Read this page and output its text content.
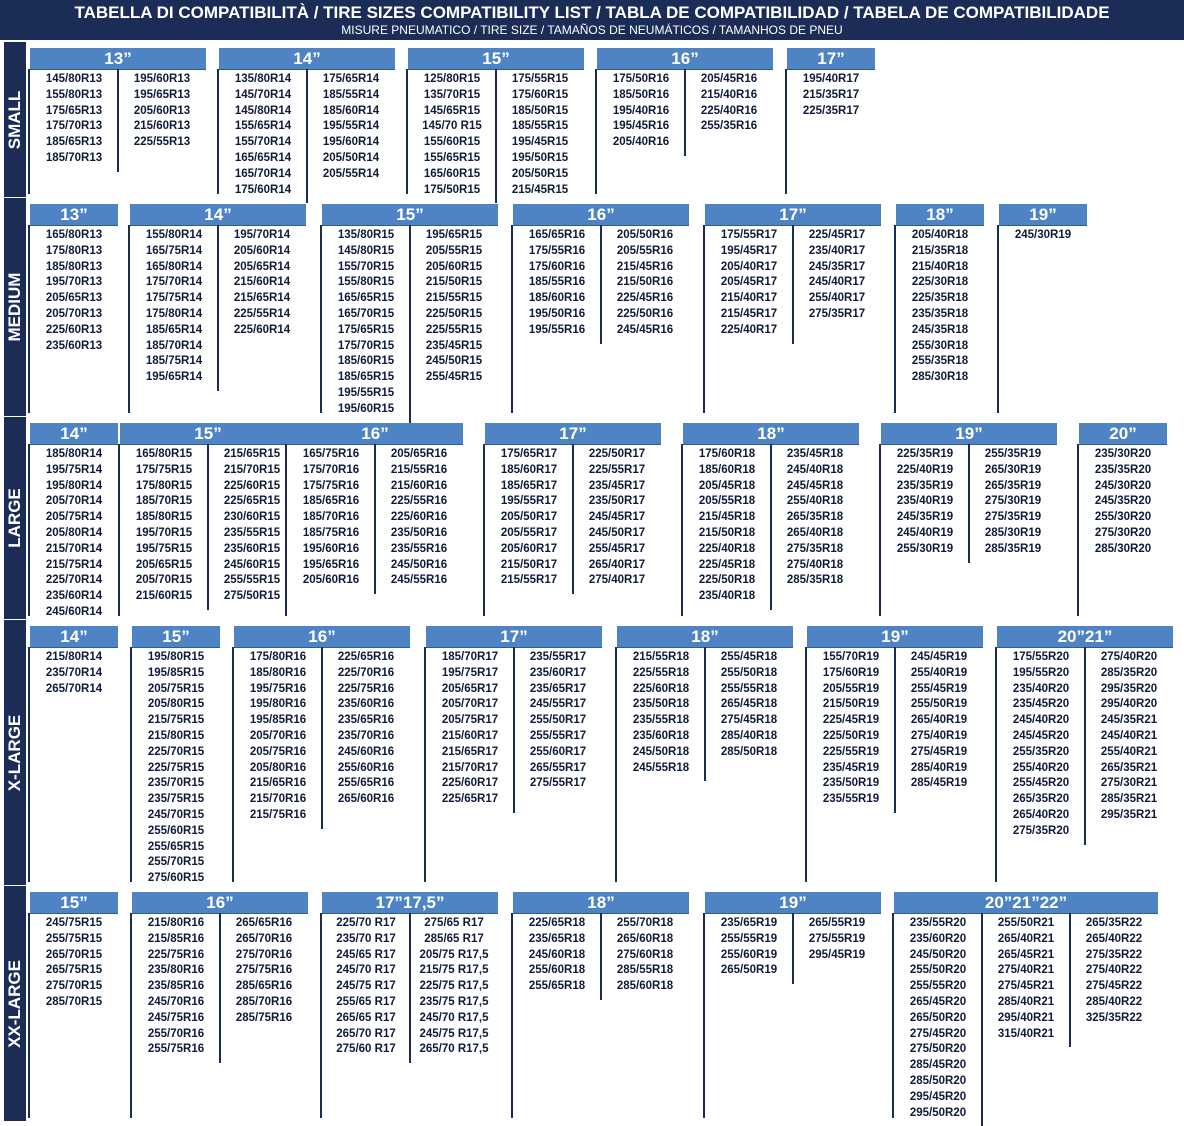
TABELLA DI COMPATIBILITÀ / TIRE SIZES COMPATIBILITY LIST / TABLA DE COMPATIBILIDAD / TABELA DE COMPATIBILIDADE
MISURE PNEUMATICO / TIRE SIZE / TAMAÑOS DE NEUMÁTICOS / TAMANHOS DE PNEU
SMALL
13”
145/80R13
155/80R13
175/65R13
175/70R13
185/65R13
185/70R13
195/60R13
195/65R13
205/60R13
215/60R13
225/55R13
14”
135/80R14
145/70R14
145/80R14
155/65R14
155/70R14
165/65R14
165/70R14
175/60R14
175/65R14
185/55R14
185/60R14
195/55R14
195/60R14
205/50R14
205/55R14
15”
125/80R15
135/70R15
145/65R15
145/70 R15
155/60R15
155/65R15
165/60R15
175/50R15
175/55R15
175/60R15
185/50R15
185/55R15
195/45R15
195/50R15
205/50R15
215/45R15
16”
175/50R16
185/50R16
195/40R16
195/45R16
205/40R16
205/45R16
215/40R16
225/40R16
255/35R16
17”
195/40R17
215/35R17
225/35R17
MEDIUM
13”
165/80R13
175/80R13
185/80R13
195/70R13
205/65R13
205/70R13
225/60R13
235/60R13
14”
155/80R14
165/75R14
165/80R14
175/70R14
175/75R14
175/80R14
185/65R14
185/70R14
185/75R14
195/65R14
195/70R14
205/60R14
205/65R14
215/60R14
215/65R14
225/55R14
225/60R14
15”
135/80R15
145/80R15
155/70R15
155/80R15
165/65R15
165/70R15
175/65R15
175/70R15
185/60R15
185/65R15
195/55R15
195/60R15
195/65R15
205/55R15
205/60R15
215/50R15
215/55R15
225/50R15
225/55R15
235/45R15
245/50R15
255/45R15
16”
165/65R16
175/55R16
175/60R16
185/55R16
185/60R16
195/50R16
195/55R16
205/50R16
205/55R16
215/45R16
215/50R16
225/45R16
225/50R16
245/45R16
17”
175/55R17
195/45R17
205/40R17
205/45R17
215/40R17
215/45R17
225/40R17
225/45R17
235/40R17
245/35R17
245/40R17
255/40R17
275/35R17
18”
205/40R18
215/35R18
215/40R18
225/30R18
225/35R18
235/35R18
245/35R18
255/30R18
255/35R18
285/30R18
19”
245/30R19
LARGE
14”
185/80R14
195/75R14
195/80R14
205/70R14
205/75R14
205/80R14
215/70R14
215/75R14
225/70R14
235/60R14
245/60R14
15”
165/80R15
175/75R15
175/80R15
185/70R15
185/80R15
195/70R15
195/75R15
205/65R15
205/70R15
215/60R15
215/65R15
215/70R15
225/60R15
225/65R15
230/60R15
235/55R15
235/60R15
245/60R15
255/55R15
275/50R15
16”
165/75R16
175/70R16
175/75R16
185/65R16
185/70R16
185/75R16
195/60R16
195/65R16
205/60R16
205/65R16
215/55R16
215/60R16
225/55R16
225/60R16
235/50R16
235/55R16
245/50R16
245/55R16
17”
175/65R17
185/60R17
185/65R17
195/55R17
205/50R17
205/55R17
205/60R17
215/50R17
215/55R17
225/50R17
225/55R17
235/45R17
235/50R17
245/45R17
245/50R17
255/45R17
265/40R17
275/40R17
18”
175/60R18
185/60R18
205/45R18
205/55R18
215/45R18
215/50R18
225/40R18
225/45R18
225/50R18
235/40R18
235/45R18
245/40R18
245/45R18
255/40R18
265/35R18
265/40R18
275/35R18
275/40R18
285/35R18
19”
225/35R19
225/40R19
235/35R19
235/40R19
245/35R19
245/40R19
255/30R19
255/35R19
265/30R19
265/35R19
275/30R19
275/35R19
285/30R19
285/35R19
20”
235/30R20
235/35R20
245/30R20
245/35R20
255/30R20
275/30R20
285/30R20
X-LARGE
14”
215/80R14
235/70R14
265/70R14
15”
195/80R15
195/85R15
205/75R15
205/80R15
215/75R15
215/80R15
225/70R15
225/75R15
235/70R15
235/75R15
245/70R15
255/60R15
255/65R15
255/70R15
275/60R15
16”
175/80R16
185/80R16
195/75R16
195/80R16
195/85R16
205/70R16
205/75R16
205/80R16
215/65R16
215/70R16
215/75R16
225/65R16
225/70R16
225/75R16
235/60R16
235/65R16
235/70R16
245/60R16
255/60R16
255/65R16
265/60R16
17”
185/70R17
195/75R17
205/65R17
205/70R17
205/75R17
215/60R17
215/65R17
215/70R17
225/60R17
225/65R17
235/55R17
235/60R17
235/65R17
245/55R17
255/50R17
255/55R17
255/60R17
265/55R17
275/55R17
18”
215/55R18
225/55R18
225/60R18
235/50R18
235/55R18
235/60R18
245/50R18
245/55R18
255/45R18
255/50R18
255/55R18
265/45R18
275/45R18
285/40R18
285/50R18
19”
155/70R19
175/60R19
205/55R19
215/50R19
225/45R19
225/50R19
225/55R19
235/45R19
235/50R19
235/55R19
245/45R19
255/40R19
255/45R19
255/50R19
265/40R19
275/40R19
275/45R19
285/40R19
285/45R19
20”21”
175/55R20
195/55R20
235/40R20
235/45R20
245/40R20
245/45R20
255/35R20
255/40R20
255/45R20
265/35R20
265/40R20
275/35R20
275/40R20
285/35R20
295/35R20
295/40R20
245/35R21
245/40R21
255/40R21
265/35R21
275/30R21
285/35R21
295/35R21
XX-LARGE
15”
245/75R15
255/75R15
265/70R15
265/75R15
275/70R15
285/70R15
16”
215/80R16
215/85R16
225/75R16
235/80R16
235/85R16
245/70R16
245/75R16
255/70R16
255/75R16
265/65R16
265/70R16
275/70R16
275/75R16
285/65R16
285/70R16
285/75R16
17”17,5”
225/70 R17
235/70 R17
245/65 R17
245/70 R17
245/75 R17
255/65 R17
265/65 R17
265/70 R17
275/60 R17
275/65 R17
285/65 R17
205/75 R17,5
215/75 R17,5
225/75 R17,5
235/75 R17,5
245/70 R17,5
245/75 R17,5
265/70 R17,5
18”
225/65R18
235/65R18
245/60R18
255/60R18
255/65R18
255/70R18
265/60R18
275/60R18
285/55R18
285/60R18
19”
235/65R19
255/55R19
255/60R19
265/50R19
265/55R19
275/55R19
295/45R19
20”21”22”
235/55R20
235/60R20
245/50R20
255/50R20
255/55R20
265/45R20
265/50R20
275/45R20
275/50R20
285/45R20
285/50R20
295/45R20
295/50R20
255/50R21
265/40R21
265/45R21
275/40R21
275/45R21
285/40R21
295/40R21
315/40R21
265/35R22
265/40R22
275/35R22
275/40R22
275/45R22
285/40R22
325/35R22
